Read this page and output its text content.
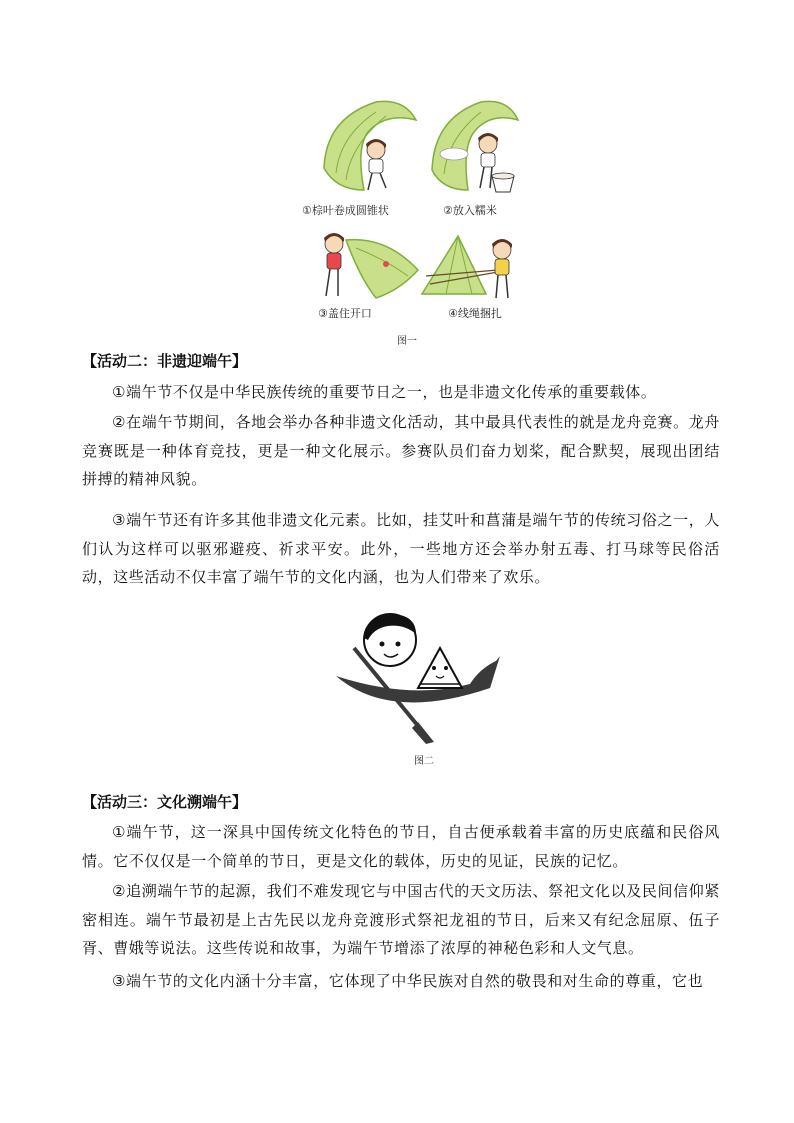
①棕叶卷成圆锥状	②放入糯米
③盖住开口	④线绳捆扎
图一
【活动二：非遗迎端午】
①端午节不仅是中华民族传统的重要节日之一，也是非遗文化传承的重要载体。
②在端午节期间，各地会举办各种非遗文化活动，其中最具代表性的就是龙舟竞赛。龙舟竞赛既是一种体育竞技，更是一种文化展示。参赛队员们奋力划桨，配合默契，展现出团结拼搏的精神风貌。
③端午节还有许多其他非遗文化元素。比如，挂艾叶和菖蒲是端午节的传统习俗之一，人们认为这样可以驱邪避疫、祈求平安。此外，一些地方还会举办射五毒、打马球等民俗活动，这些活动不仅丰富了端午节的文化内涵，也为人们带来了欢乐。
图二
【活动三：文化溯端午】
①端午节，这一深具中国传统文化特色的节日，自古便承载着丰富的历史底蕴和民俗风情。它不仅仅是一个简单的节日，更是文化的载体，历史的见证，民族的记忆。
②追溯端午节的起源，我们不难发现它与中国古代的天文历法、祭祀文化以及民间信仰紧密相连。端午节最初是上古先民以龙舟竞渡形式祭祀龙祖的节日，后来又有纪念屈原、伍子胥、曹娥等说法。这些传说和故事，为端午节增添了浓厚的神秘色彩和人文气息。
③端午节的文化内涵十分丰富，它体现了中华民族对自然的敬畏和对生命的尊重，它也
